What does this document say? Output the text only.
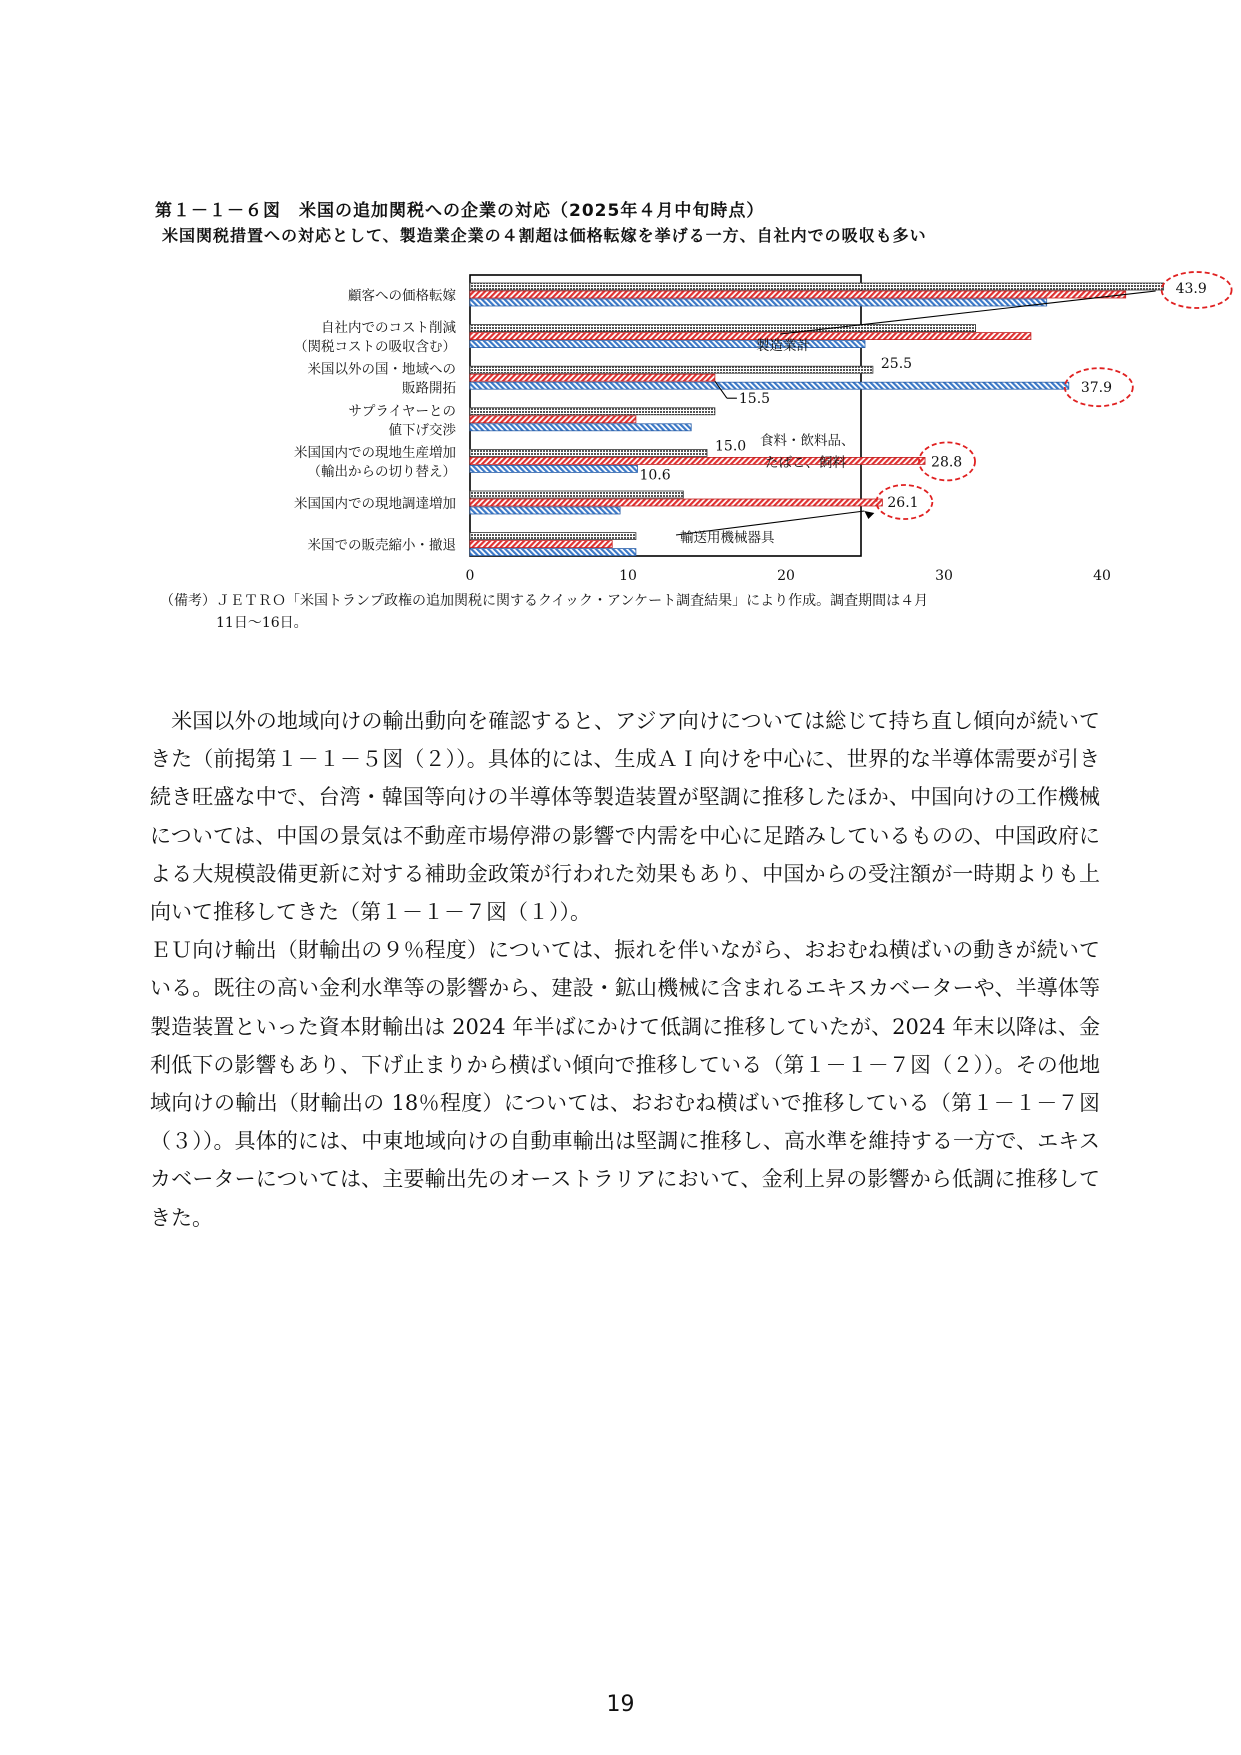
第１－１－６図　米国の追加関税への企業の対応（2025年４月中旬時点）
米国関税措置への対応として、製造業企業の４割超は価格転嫁を挙げる一方、自社内での吸収も多い
顧客への価格転嫁
自社内でのコスト削減
（関税コストの吸収含む）
米国以外の国・地域への
販路開拓
サプライヤーとの
値下げ交渉
米国国内での現地生産増加
（輸出からの切り替え）
米国国内での現地調達増加
米国での販売縮小・撤退
0	10	20	30	40
43.9
25.5
37.9
15.5
15.0
28.8
10.6
26.1
製造業計
食料・飲料品、
たばこ、飼料
輸送用機械器具
（備考）ＪＥＴＲＯ「米国トランプ政権の追加関税に関するクイック・アンケート調査結果」により作成。調査期間は４月
11日～16日。

　米国以外の地域向けの輸出動向を確認すると、アジア向けについては総じて持ち直し傾向が続いてきた（前掲第１－１－５図（２））。具体的には、生成ＡＩ向けを中心に、世界的な半導体需要が引き続き旺盛な中で、台湾・韓国等向けの半導体等製造装置が堅調に推移したほか、中国向けの工作機械については、中国の景気は不動産市場停滞の影響で内需を中心に足踏みしているものの、中国政府による大規模設備更新に対する補助金政策が行われた効果もあり、中国からの受注額が一時期よりも上向いて推移してきた（第１－１－７図（１））。

ＥＵ向け輸出（財輸出の９％程度）については、振れを伴いながら、おおむね横ばいの動きが続いている。既往の高い金利水準等の影響から、建設・鉱山機械に含まれるエキスカベーターや、半導体等製造装置といった資本財輸出は 2024 年半ばにかけて低調に推移していたが、2024 年末以降は、金利低下の影響もあり、下げ止まりから横ばい傾向で推移している（第１－１－７図（２））。その他地域向けの輸出（財輸出の 18％程度）については、おおむね横ばいで推移している（第１－１－７図（３））。具体的には、中東地域向けの自動車輸出は堅調に推移し、高水準を維持する一方で、エキスカベーターについては、主要輸出先のオーストラリアにおいて、金利上昇の影響から低調に推移してきた。

19
